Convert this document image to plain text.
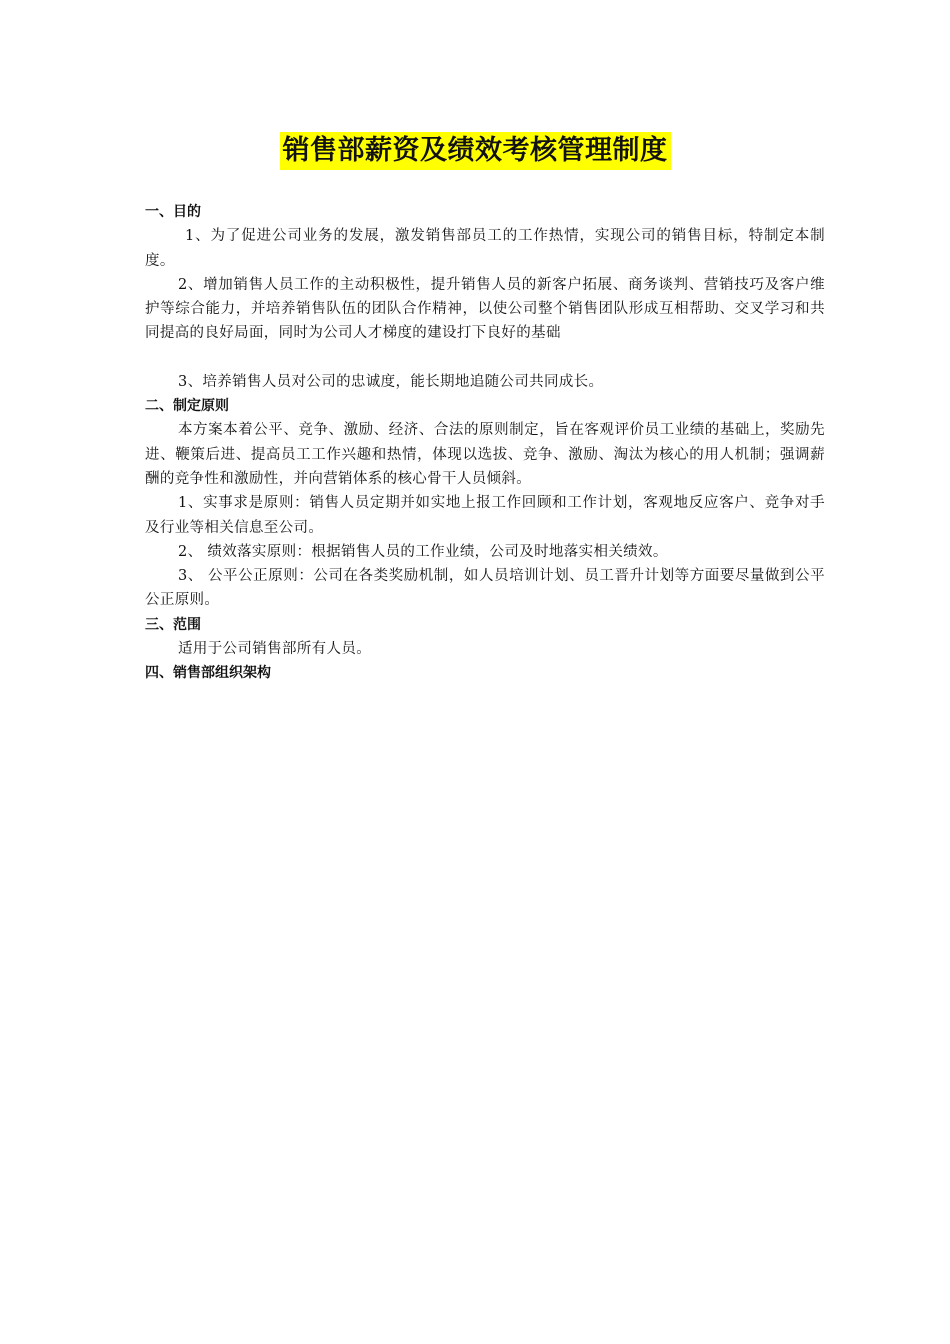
销售部薪资及绩效考核管理制度

一、目的

1、为了促进公司业务的发展，激发销售部员工的工作热情，实现公司的销售目标，特制定本制度。

2、增加销售人员工作的主动积极性，提升销售人员的新客户拓展、商务谈判、营销技巧及客户维护等综合能力，并培养销售队伍的团队合作精神，以使公司整个销售团队形成互相帮助、交叉学习和共同提高的良好局面，同时为公司人才梯度的建设打下良好的基础

3、培养销售人员对公司的忠诚度，能长期地追随公司共同成长。

二、制定原则

本方案本着公平、竞争、激励、经济、合法的原则制定，旨在客观评价员工业绩的基础上，奖励先进、鞭策后进、提高员工工作兴趣和热情，体现以选拔、竞争、激励、淘汰为核心的用人机制；强调薪酬的竞争性和激励性，并向营销体系的核心骨干人员倾斜。

1、实事求是原则：销售人员定期并如实地上报工作回顾和工作计划，客观地反应客户、竞争对手及行业等相关信息至公司。

2、 绩效落实原则：根据销售人员的工作业绩，公司及时地落实相关绩效。

3、 公平公正原则：公司在各类奖励机制，如人员培训计划、员工晋升计划等方面要尽量做到公平公正原则。

三、范围

适用于公司销售部所有人员。

四、销售部组织架构
